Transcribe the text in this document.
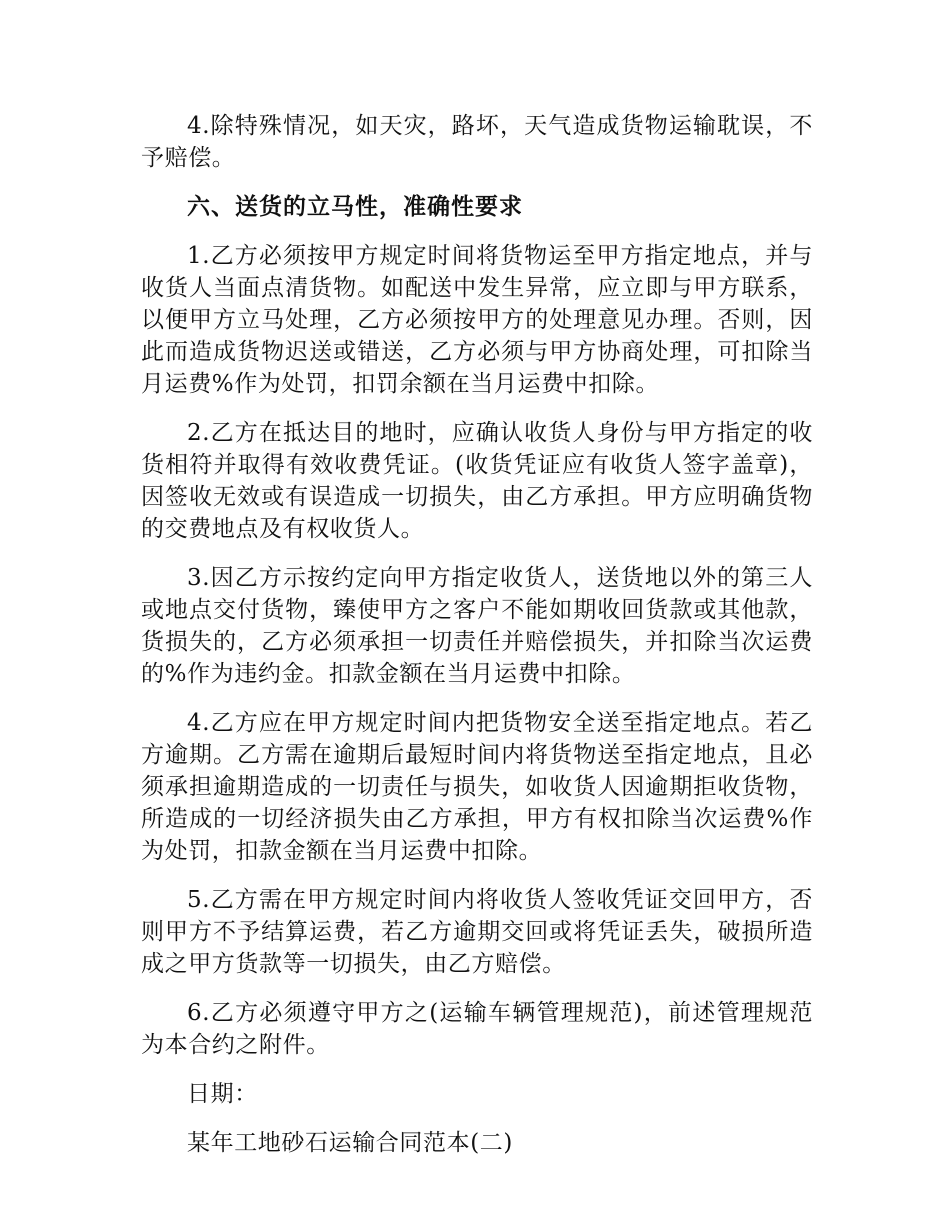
4.除特殊情况，如天灾，路坏，天气造成货物运输耽误，不予赔偿。

六、送货的立马性，准确性要求

1.乙方必须按甲方规定时间将货物运至甲方指定地点，并与收货人当面点清货物。如配送中发生异常，应立即与甲方联系，以便甲方立马处理，乙方必须按甲方的处理意见办理。否则，因此而造成货物迟送或错送，乙方必须与甲方协商处理，可扣除当月运费%作为处罚，扣罚余额在当月运费中扣除。

2.乙方在抵达目的地时，应确认收货人身份与甲方指定的收货相符并取得有效收费凭证。(收货凭证应有收货人签字盖章)，因签收无效或有误造成一切损失，由乙方承担。甲方应明确货物的交费地点及有权收货人。

3.因乙方示按约定向甲方指定收货人，送货地以外的第三人或地点交付货物，臻使甲方之客户不能如期收回货款或其他款，货损失的，乙方必须承担一切责任并赔偿损失，并扣除当次运费的%作为违约金。扣款金额在当月运费中扣除。

4.乙方应在甲方规定时间内把货物安全送至指定地点。若乙方逾期。乙方需在逾期后最短时间内将货物送至指定地点，且必须承担逾期造成的一切责任与损失，如收货人因逾期拒收货物，所造成的一切经济损失由乙方承担，甲方有权扣除当次运费%作为处罚，扣款金额在当月运费中扣除。

5.乙方需在甲方规定时间内将收货人签收凭证交回甲方，否则甲方不予结算运费，若乙方逾期交回或将凭证丢失，破损所造成之甲方货款等一切损失，由乙方赔偿。

6.乙方必须遵守甲方之(运输车辆管理规范)，前述管理规范为本合约之附件。

日期：

某年工地砂石运输合同范本(二)
